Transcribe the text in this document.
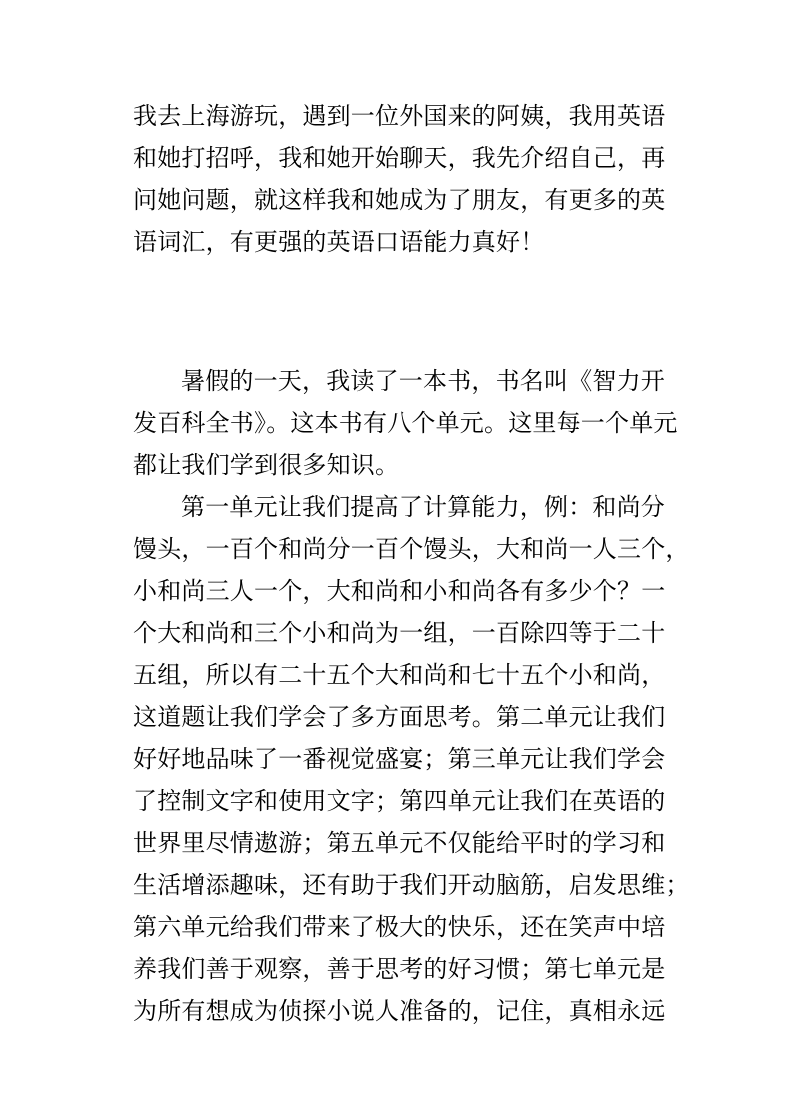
我去上海游玩，遇到一位外国来的阿姨，我用英语
和她打招呼，我和她开始聊天，我先介绍自己，再
问她问题，就这样我和她成为了朋友，有更多的英
语词汇，有更强的英语口语能力真好！
暑假的一天，我读了一本书，书名叫《智力开
发百科全书》。这本书有八个单元。这里每一个单元
都让我们学到很多知识。
第一单元让我们提高了计算能力，例：和尚分
馒头，一百个和尚分一百个馒头，大和尚一人三个，
小和尚三人一个，大和尚和小和尚各有多少个？一
个大和尚和三个小和尚为一组，一百除四等于二十
五组，所以有二十五个大和尚和七十五个小和尚，
这道题让我们学会了多方面思考。第二单元让我们
好好地品味了一番视觉盛宴；第三单元让我们学会
了控制文字和使用文字；第四单元让我们在英语的
世界里尽情遨游；第五单元不仅能给平时的学习和
生活增添趣味，还有助于我们开动脑筋，启发思维；
第六单元给我们带来了极大的快乐，还在笑声中培
养我们善于观察，善于思考的好习惯；第七单元是
为所有想成为侦探小说人准备的，记住，真相永远
